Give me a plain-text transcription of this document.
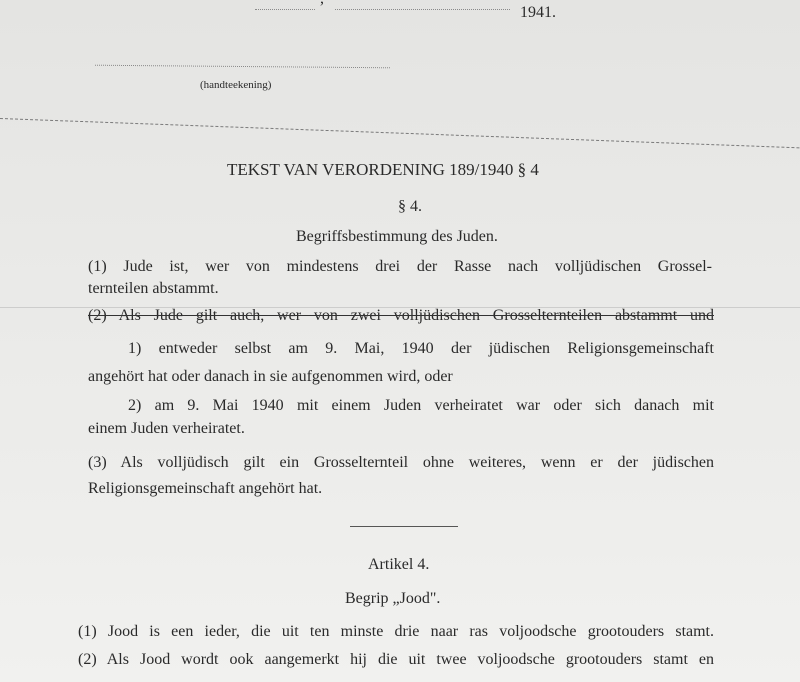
1941.
(handteekening)
TEKST VAN VERORDENING 189/1940 § 4
§ 4.
Begriffsbestimmung des Juden.
(1) Jude ist, wer von mindestens drei der Rasse nach volljüdischen Grossel-
ternteilen abstammt.
(2) Als Jude gilt auch, wer von zwei volljüdischen Grosselternteilen abstammt und
1) entweder selbst am 9. Mai, 1940 der jüdischen Religionsgemeinschaft
angehört hat oder danach in sie aufgenommen wird, oder
2) am 9. Mai 1940 mit einem Juden verheiratet war oder sich danach mit
einem Juden verheiratet.
(3) Als volljüdisch gilt ein Grosselternteil ohne weiteres, wenn er der jüdischen
Religionsgemeinschaft angehört hat.
Artikel 4.
Begrip „Jood".
(1) Jood is een ieder, die uit ten minste drie naar ras voljoodsche grootouders stamt.
(2) Als Jood wordt ook aangemerkt hij die uit twee voljoodsche grootouders stamt en
